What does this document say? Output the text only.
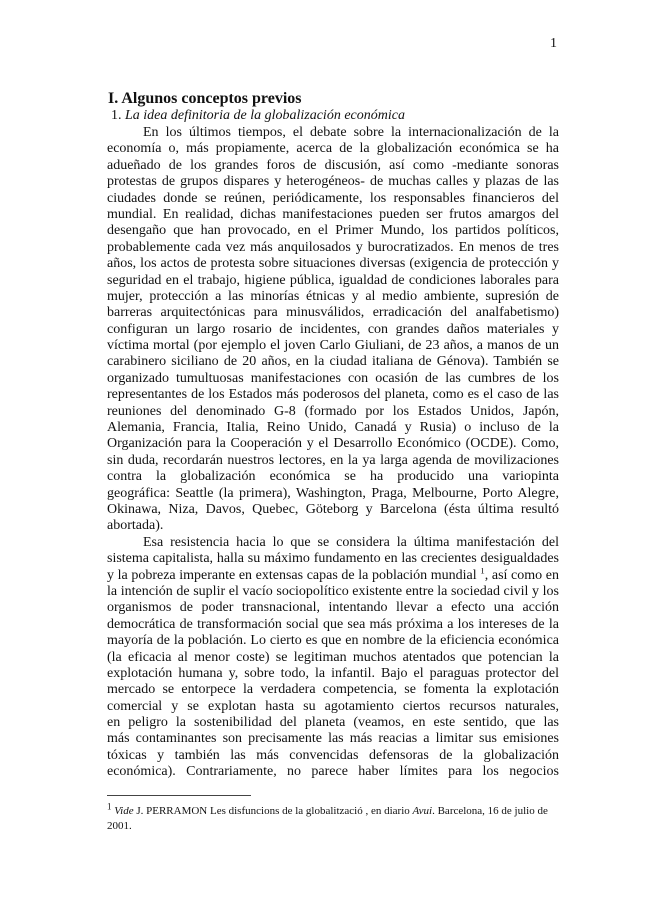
1
I. Algunos conceptos previos
1. La idea definitoria de la globalización económica
En los últimos tiempos, el debate sobre la internacionalización de la
economía o, más propiamente, acerca de la globalización económica se ha
adueñado de los grandes foros de discusión, así como -mediante sonoras
protestas de grupos dispares y heterogéneos- de muchas calles y plazas de las
ciudades donde se reúnen, periódicamente, los responsables financieros del
mundial. En realidad, dichas manifestaciones pueden ser frutos amargos del
desengaño que han provocado, en el Primer Mundo, los partidos políticos,
probablemente cada vez más anquilosados y burocratizados. En menos de tres
años, los actos de protesta sobre situaciones diversas (exigencia de protección y
seguridad en el trabajo, higiene pública, igualdad de condiciones laborales para
mujer, protección a las minorías étnicas y al medio ambiente, supresión de
barreras arquitectónicas para minusválidos, erradicación del analfabetismo)
configuran un largo rosario de incidentes, con grandes daños materiales y
víctima mortal (por ejemplo el joven Carlo Giuliani, de 23 años, a manos de un
carabinero siciliano de 20 años, en la ciudad italiana de Génova). También se
organizado tumultuosas manifestaciones con ocasión de las cumbres de los
representantes de los Estados más poderosos del planeta, como es el caso de las
reuniones del denominado G-8 (formado por los Estados Unidos, Japón,
Alemania, Francia, Italia, Reino Unido, Canadá y Rusia) o incluso de la
Organización para la Cooperación y el Desarrollo Económico (OCDE). Como,
sin duda, recordarán nuestros lectores, en la ya larga agenda de movilizaciones
contra la globalización económica se ha producido una variopinta
geográfica: Seattle (la primera), Washington, Praga, Melbourne, Porto Alegre,
Okinawa, Niza, Davos, Quebec, Göteborg y Barcelona (ésta última resultó
abortada).
Esa resistencia hacia lo que se considera la última manifestación del
sistema capitalista, halla su máximo fundamento en las crecientes desigualdades
y la pobreza imperante en extensas capas de la población mundial $^1$, así como en
la intención de suplir el vacío sociopolítico existente entre la sociedad civil y los
organismos de poder transnacional, intentando llevar a efecto una acción
democrática de transformación social que sea más próxima a los intereses de la
mayoría de la población. Lo cierto es que en nombre de la eficiencia económica
(la eficacia al menor coste) se legitiman muchos atentados que potencian la
explotación humana y, sobre todo, la infantil. Bajo el paraguas protector del
mercado se entorpece la verdadera competencia, se fomenta la explotación
comercial y se explotan hasta su agotamiento ciertos recursos naturales,
en peligro la sostenibilidad del planeta (veamos, en este sentido, que las
más contaminantes son precisamente las más reacias a limitar sus emisiones
tóxicas y también las más convencidas defensoras de la globalización
económica). Contrariamente, no parece haber límites para los negocios
$^1$ Vide J. PERRAMON Les disfuncions de la globalització , en diario Avui. Barcelona, 16 de julio de 2001.
